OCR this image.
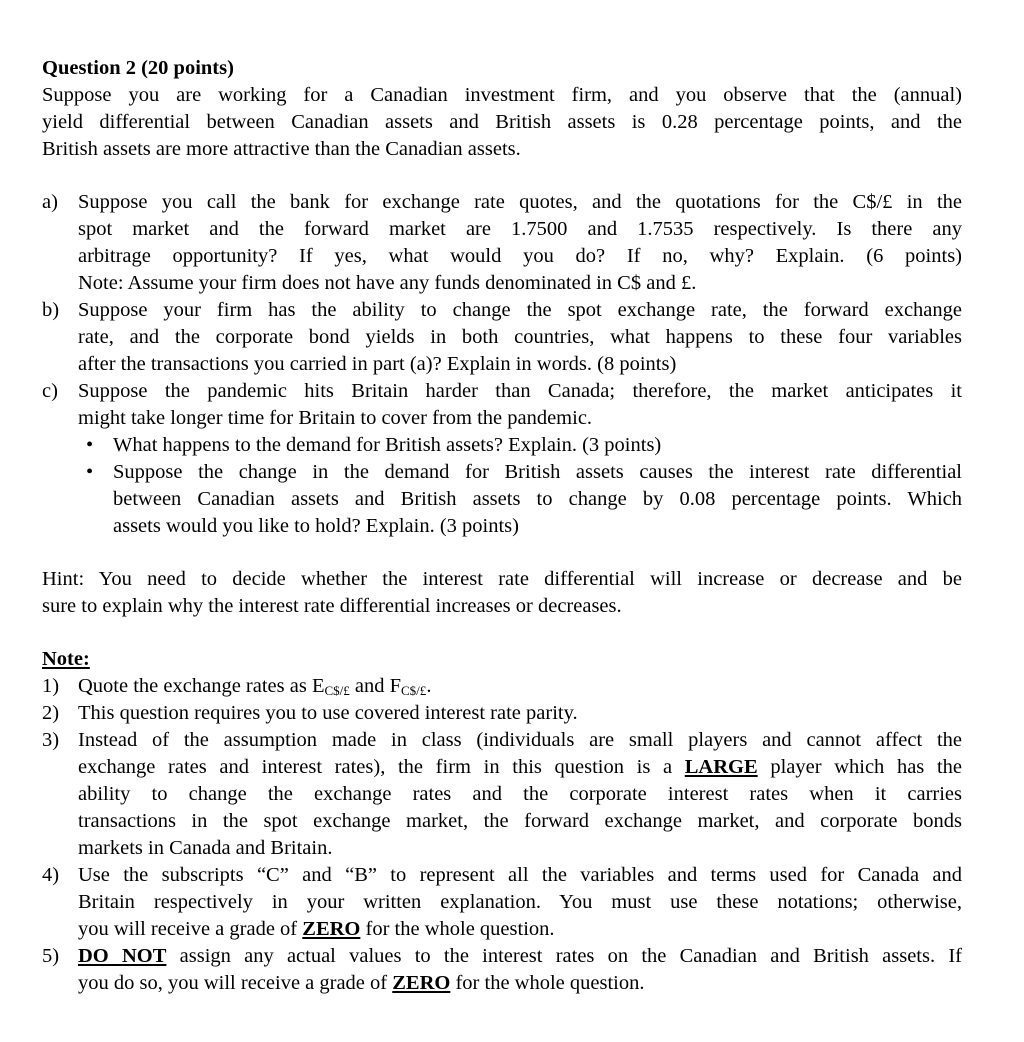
Question 2 (20 points)
Suppose you are working for a Canadian investment firm, and you observe that the (annual)
yield differential between Canadian assets and British assets is 0.28 percentage points, and the
British assets are more attractive than the Canadian assets.
a) Suppose you call the bank for exchange rate quotes, and the quotations for the C$/£ in the
spot market and the forward market are 1.7500 and 1.7535 respectively. Is there any
arbitrage opportunity? If yes, what would you do? If no, why? Explain. (6 points)
Note: Assume your firm does not have any funds denominated in C$ and £.
b) Suppose your firm has the ability to change the spot exchange rate, the forward exchange
rate, and the corporate bond yields in both countries, what happens to these four variables
after the transactions you carried in part (a)? Explain in words. (8 points)
c) Suppose the pandemic hits Britain harder than Canada; therefore, the market anticipates it
might take longer time for Britain to cover from the pandemic.
• What happens to the demand for British assets? Explain. (3 points)
• Suppose the change in the demand for British assets causes the interest rate differential
between Canadian assets and British assets to change by 0.08 percentage points. Which
assets would you like to hold? Explain. (3 points)
Hint: You need to decide whether the interest rate differential will increase or decrease and be
sure to explain why the interest rate differential increases or decreases.
Note:
1) Quote the exchange rates as $E_{C\$/£}$ and $F_{C\$/£}$.
2) This question requires you to use covered interest rate parity.
3) Instead of the assumption made in class (individuals are small players and cannot affect the
exchange rates and interest rates), the firm in this question is a LARGE player which has the
ability to change the exchange rates and the corporate interest rates when it carries
transactions in the spot exchange market, the forward exchange market, and corporate bonds
markets in Canada and Britain.
4) Use the subscripts “C” and “B” to represent all the variables and terms used for Canada and
Britain respectively in your written explanation. You must use these notations; otherwise,
you will receive a grade of ZERO for the whole question.
5) DO NOT assign any actual values to the interest rates on the Canadian and British assets. If
you do so, you will receive a grade of ZERO for the whole question.
